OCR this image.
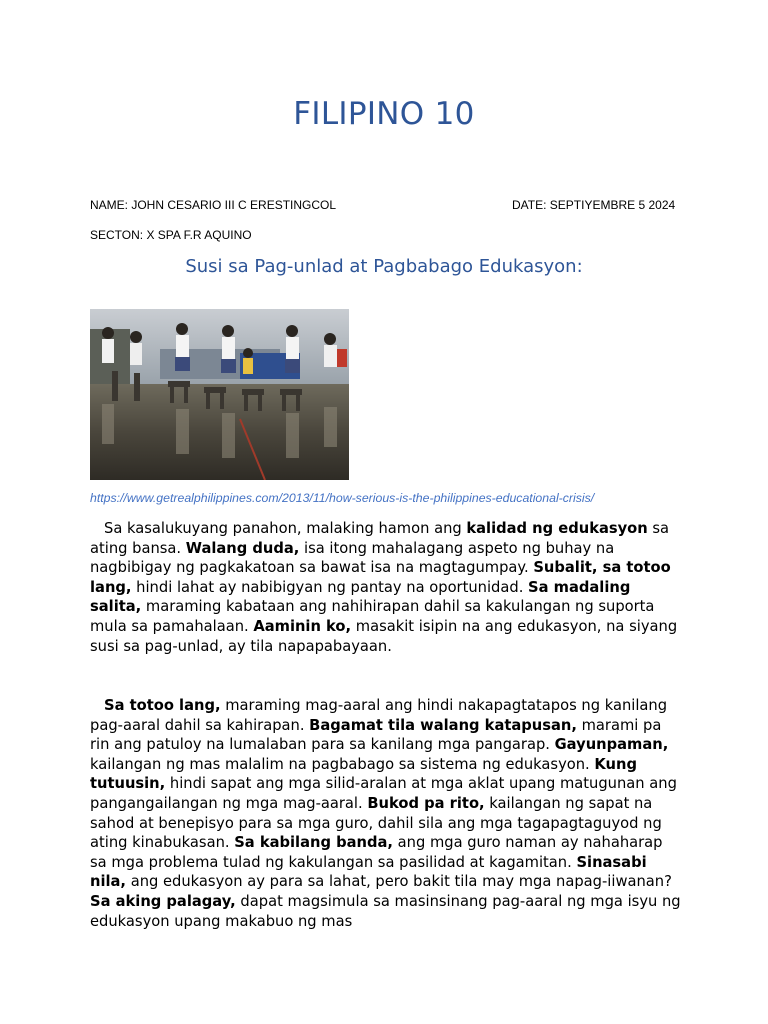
FILIPINO 10
NAME: JOHN CESARIO III C ERESTINGCOL	DATE: SEPTIYEMBRE 5 2024
SECTON: X SPA F.R AQUINO
Susi sa Pag-unlad at Pagbabago Edukasyon:
https://www.getrealphilippines.com/2013/11/how-serious-is-the-philippines-educational-crisis/
Sa kasalukuyang panahon, malaking hamon ang kalidad ng edukasyon sa ating bansa. Walang duda, isa itong mahalagang aspeto ng buhay na nagbibigay ng pagkakatoan sa bawat isa na magtagumpay. Subalit, sa totoo lang, hindi lahat ay nabibigyan ng pantay na oportunidad. Sa madaling salita, maraming kabataan ang nahihirapan dahil sa kakulangan ng suporta mula sa pamahalaan. Aaminin ko, masakit isipin na ang edukasyon, na siyang susi sa pag-unlad, ay tila napapabayaan.
Sa totoo lang, maraming mag-aaral ang hindi nakapagtatapos ng kanilang pag-aaral dahil sa kahirapan. Bagamat tila walang katapusan, marami pa rin ang patuloy na lumalaban para sa kanilang mga pangarap. Gayunpaman, kailangan ng mas malalim na pagbabago sa sistema ng edukasyon. Kung tutuusin, hindi sapat ang mga silid-aralan at mga aklat upang matugunan ang pangangailangan ng mga mag-aaral. Bukod pa rito, kailangan ng sapat na sahod at benepisyo para sa mga guro, dahil sila ang mga tagapagtaguyod ng ating kinabukasan. Sa kabilang banda, ang mga guro naman ay nahaharap sa mga problema tulad ng kakulangan sa pasilidad at kagamitan. Sinasabi nila, ang edukasyon ay para sa lahat, pero bakit tila may mga napag-iiwanan? Sa aking palagay, dapat magsimula sa masinsinang pag-aaral ng mga isyu ng edukasyon upang makabuo ng mas
